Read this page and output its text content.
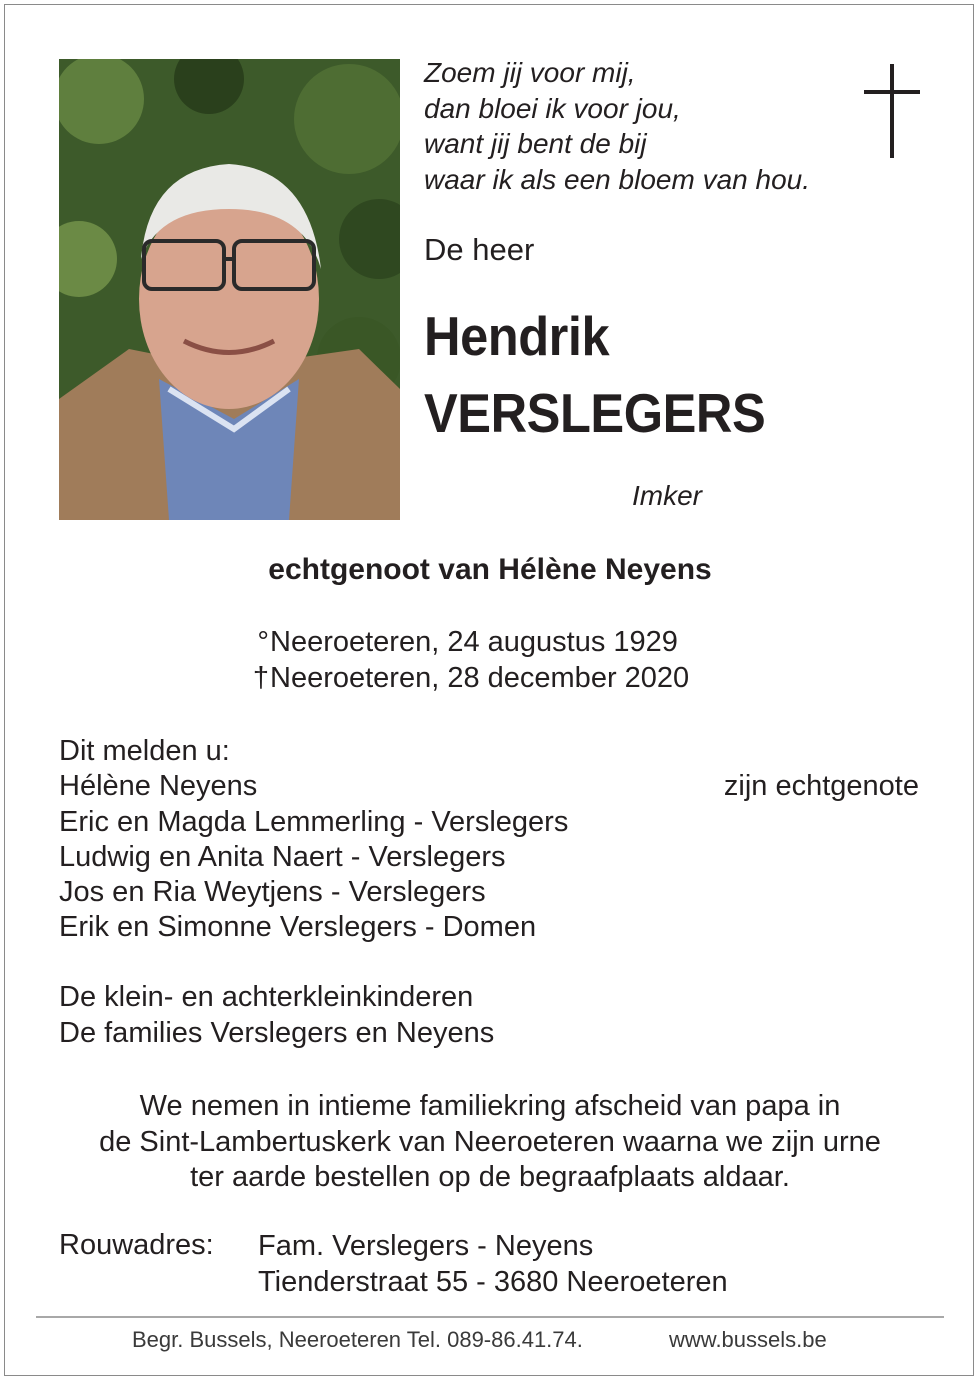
Zoem jij voor mij,
dan bloei ik voor jou,
want jij bent de bij
waar ik als een bloem van hou.
De heer
Hendrik
VERSLEGERS
Imker
echtgenoot van Hélène Neyens
°Neeroeteren, 24 augustus 1929
†Neeroeteren, 28 december 2020
Dit melden u:
Hélène Neyens	zijn echtgenote
Eric en Magda Lemmerling - Verslegers
Ludwig en Anita Naert - Verslegers
Jos en Ria Weytjens - Verslegers
Erik en Simonne Verslegers - Domen
De klein- en achterkleinkinderen
De families Verslegers en Neyens
We nemen in intieme familiekring afscheid van papa in
de Sint-Lambertuskerk van Neeroeteren waarna we zijn urne
ter aarde bestellen op de begraafplaats aldaar.
Rouwadres: Fam. Verslegers - Neyens
Tienderstraat 55 - 3680 Neeroeteren
Begr. Bussels, Neeroeteren Tel. 089-86.41.74.	www.bussels.be
